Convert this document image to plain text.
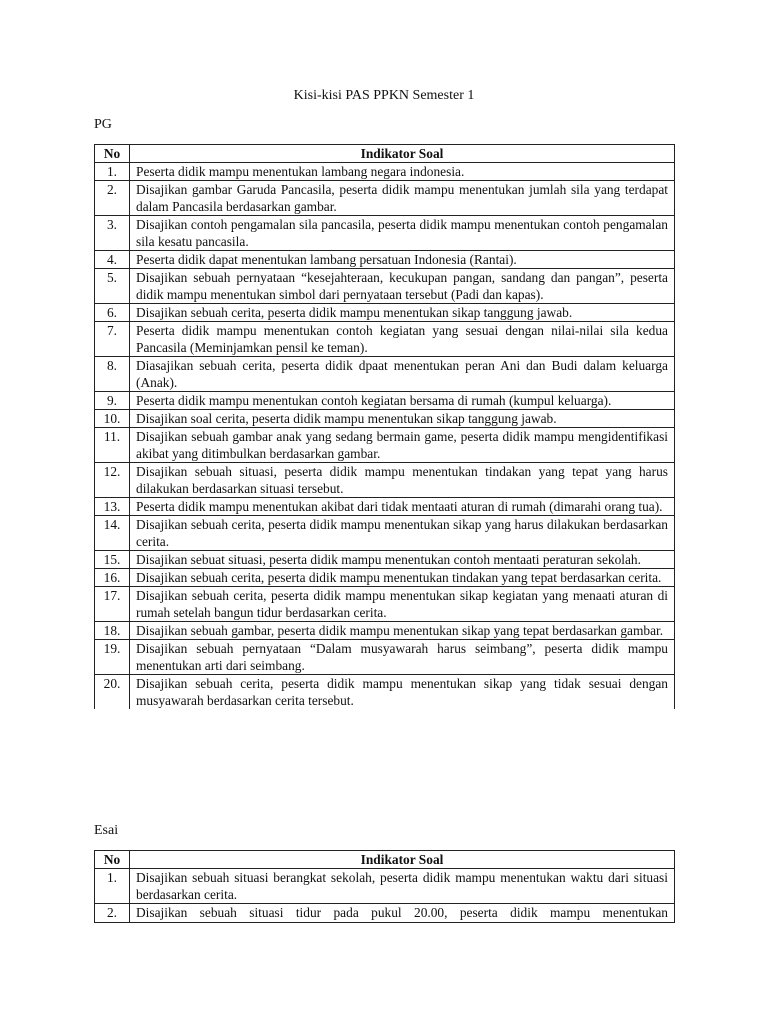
Kisi-kisi PAS PPKN Semester 1
PG
No	Indikator Soal
1.	Peserta didik mampu menentukan lambang negara indonesia.
2.	Disajikan gambar Garuda Pancasila, peserta didik mampu menentukan jumlah sila yang terdapat dalam Pancasila berdasarkan gambar.
3.	Disajikan contoh pengamalan sila pancasila, peserta didik mampu menentukan contoh pengamalan sila kesatu pancasila.
4.	Peserta didik dapat menentukan lambang persatuan Indonesia (Rantai).
5.	Disajikan sebuah pernyataan “kesejahteraan, kecukupan pangan, sandang dan pangan”, peserta didik mampu menentukan simbol dari pernyataan tersebut (Padi dan kapas).
6.	Disajikan sebuah cerita, peserta didik mampu menentukan sikap tanggung jawab.
7.	Peserta didik mampu menentukan contoh kegiatan yang sesuai dengan nilai-nilai sila kedua Pancasila (Meminjamkan pensil ke teman).
8.	Diasajikan sebuah cerita, peserta didik dpaat menentukan peran Ani dan Budi dalam keluarga (Anak).
9.	Peserta didik mampu menentukan contoh kegiatan bersama di rumah (kumpul keluarga).
10.	Disajikan soal cerita, peserta didik mampu menentukan sikap tanggung jawab.
11.	Disajikan sebuah gambar anak yang sedang bermain game, peserta didik mampu mengidentifikasi akibat yang ditimbulkan berdasarkan gambar.
12.	Disajikan sebuah situasi, peserta didik mampu menentukan tindakan yang tepat yang harus dilakukan berdasarkan situasi tersebut.
13.	Peserta didik mampu menentukan akibat dari tidak mentaati aturan di rumah (dimarahi orang tua).
14.	Disajikan sebuah cerita, peserta didik mampu menentukan sikap yang harus dilakukan berdasarkan cerita.
15.	Disajikan sebuat situasi, peserta didik mampu menentukan contoh mentaati peraturan sekolah.
16.	Disajikan sebuah cerita, peserta didik mampu menentukan tindakan yang tepat berdasarkan cerita.
17.	Disajikan sebuah cerita, peserta didik mampu menentukan sikap kegiatan yang menaati aturan di rumah setelah bangun tidur berdasarkan cerita.
18.	Disajikan sebuah gambar, peserta didik mampu menentukan sikap yang tepat berdasarkan gambar.
19.	Disajikan sebuah pernyataan “Dalam musyawarah harus seimbang”, peserta didik mampu menentukan arti dari seimbang.
20.	Disajikan sebuah cerita, peserta didik mampu menentukan sikap yang tidak sesuai dengan musyawarah berdasarkan cerita tersebut.
Esai
No	Indikator Soal
1.	Disajikan sebuah situasi berangkat sekolah, peserta didik mampu menentukan waktu dari situasi berdasarkan cerita.
2.	Disajikan sebuah situasi tidur pada pukul 20.00, peserta didik mampu menentukan
